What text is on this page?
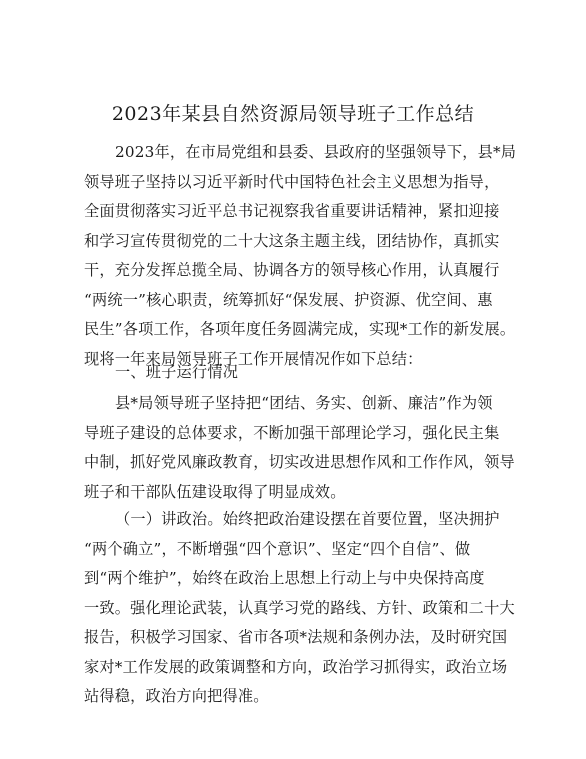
2023年某县自然资源局领导班子工作总结
2023年，在市局党组和县委、县政府的坚强领导下，县*局
领导班子坚持以习近平新时代中国特色社会主义思想为指导，
全面贯彻落实习近平总书记视察我省重要讲话精神，紧扣迎接
和学习宣传贯彻党的二十大这条主题主线，团结协作，真抓实
干，充分发挥总揽全局、协调各方的领导核心作用，认真履行
“两统一”核心职责，统筹抓好“保发展、护资源、优空间、惠
民生”各项工作，各项年度任务圆满完成，实现*工作的新发展。
现将一年来局领导班子工作开展情况作如下总结：
一、班子运行情况
县*局领导班子坚持把“团结、务实、创新、廉洁”作为领
导班子建设的总体要求，不断加强干部理论学习，强化民主集
中制，抓好党风廉政教育，切实改进思想作风和工作作风，领导
班子和干部队伍建设取得了明显成效。
（一）讲政治。始终把政治建设摆在首要位置，坚决拥护
“两个确立”，不断增强“四个意识”、坚定“四个自信”、做
到“两个维护”，始终在政治上思想上行动上与中央保持高度
一致。强化理论武装，认真学习党的路线、方针、政策和二十大
报告，积极学习国家、省市各项*法规和条例办法，及时研究国
家对*工作发展的政策调整和方向，政治学习抓得实，政治立场
站得稳，政治方向把得准。
